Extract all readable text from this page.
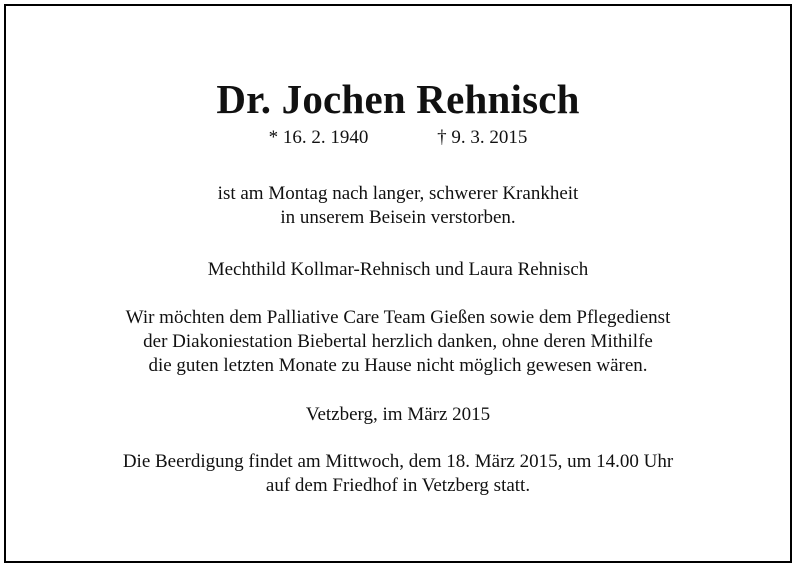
Dr. Jochen Rehnisch
* 16. 2. 1940	† 9. 3. 2015
ist am Montag nach langer, schwerer Krankheit
in unserem Beisein verstorben.
Mechthild Kollmar-Rehnisch und Laura Rehnisch
Wir möchten dem Palliative Care Team Gießen sowie dem Pflegedienst
der Diakoniestation Biebertal herzlich danken, ohne deren Mithilfe
die guten letzten Monate zu Hause nicht möglich gewesen wären.
Vetzberg, im März 2015
Die Beerdigung findet am Mittwoch, dem 18. März 2015, um 14.00 Uhr
auf dem Friedhof in Vetzberg statt.
